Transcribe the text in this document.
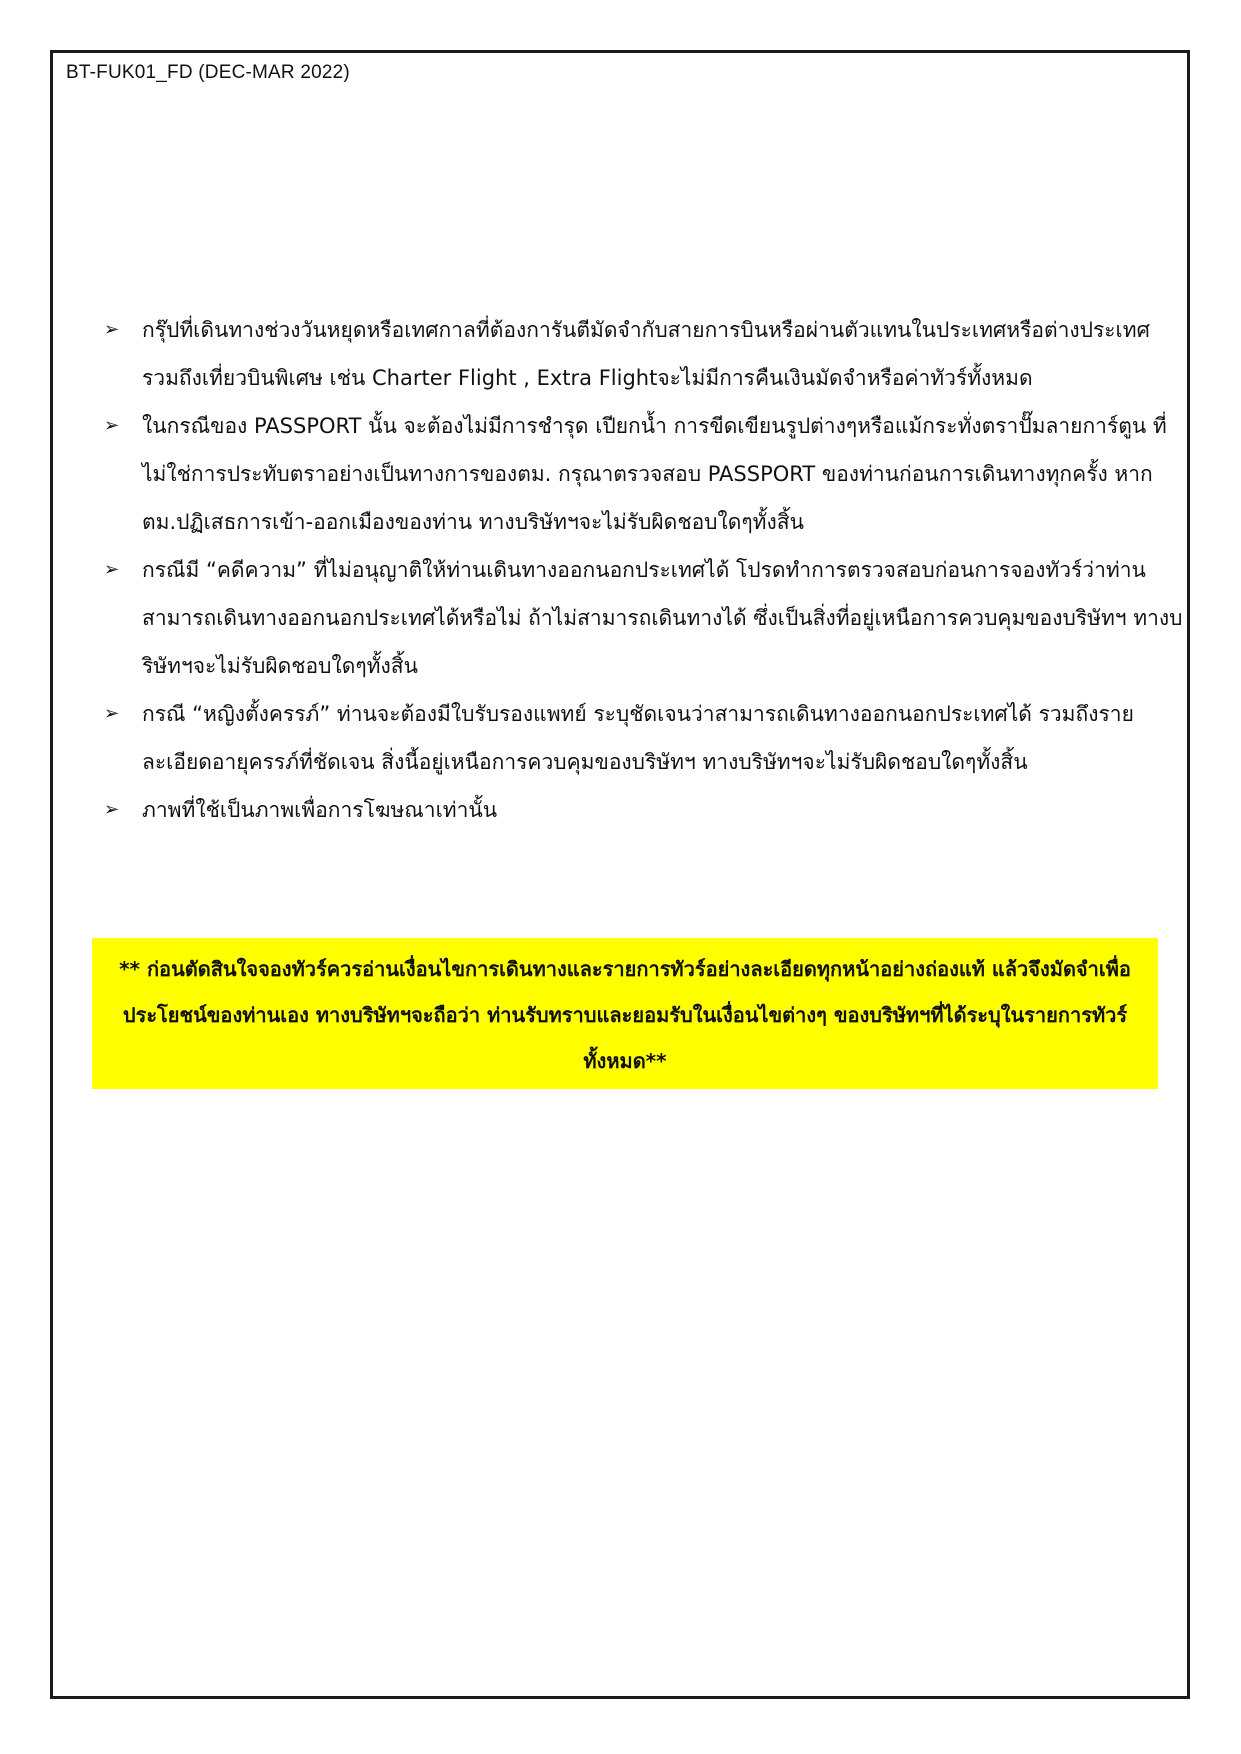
BT-FUK01_FD (DEC-MAR 2022)
➢ กรุ๊ปที่เดินทางช่วงวันหยุดหรือเทศกาลที่ต้องการันตีมัดจำกับสายการบินหรือผ่านตัวแทนในประเทศหรือต่างประเทศ รวมถึงเที่ยวบินพิเศษ เช่น Charter Flight , Extra Flightจะไม่มีการคืนเงินมัดจำหรือค่าทัวร์ทั้งหมด
➢ ในกรณีของ PASSPORT นั้น จะต้องไม่มีการชำรุด เปียกน้ำ การขีดเขียนรูปต่างๆหรือแม้กระทั่งตราปั๊มลายการ์ตูน ที่ไม่ใช่การประทับตราอย่างเป็นทางการของตม. กรุณาตรวจสอบ PASSPORT ของท่านก่อนการเดินทางทุกครั้ง หาก ตม.ปฏิเสธการเข้า-ออกเมืองของท่าน ทางบริษัทฯจะไม่รับผิดชอบใดๆทั้งสิ้น
➢ กรณีมี “คดีความ” ที่ไม่อนุญาติให้ท่านเดินทางออกนอกประเทศได้ โปรดทำการตรวจสอบก่อนการจองทัวร์ว่าท่านสามารถเดินทางออกนอกประเทศได้หรือไม่ ถ้าไม่สามารถเดินทางได้ ซึ่งเป็นสิ่งที่อยู่เหนือการควบคุมของบริษัทฯ ทางบริษัทฯจะไม่รับผิดชอบใดๆทั้งสิ้น
➢ กรณี “หญิงตั้งครรภ์” ท่านจะต้องมีใบรับรองแพทย์ ระบุชัดเจนว่าสามารถเดินทางออกนอกประเทศได้ รวมถึงรายละเอียดอายุครรภ์ที่ชัดเจน สิ่งนี้อยู่เหนือการควบคุมของบริษัทฯ ทางบริษัทฯจะไม่รับผิดชอบใดๆทั้งสิ้น
➢ ภาพที่ใช้เป็นภาพเพื่อการโฆษณาเท่านั้น
** ก่อนตัดสินใจจองทัวร์ควรอ่านเงื่อนไขการเดินทางและรายการทัวร์อย่างละเอียดทุกหน้าอย่างถ่องแท้ แล้วจึงมัดจำเพื่อประโยชน์ของท่านเอง ทางบริษัทฯจะถือว่า ท่านรับทราบและยอมรับในเงื่อนไขต่างๆ ของบริษัทฯที่ได้ระบุในรายการทัวร์ทั้งหมด**
